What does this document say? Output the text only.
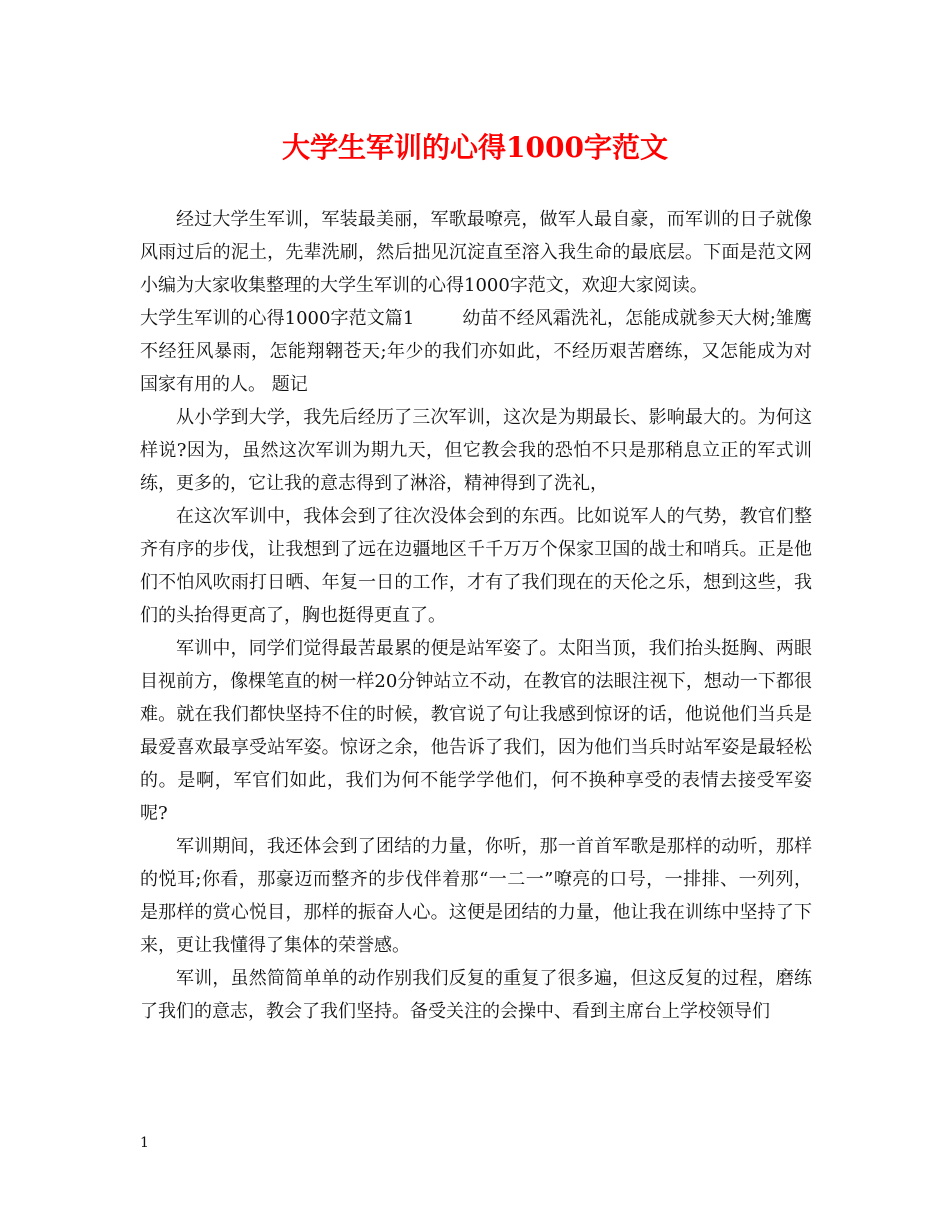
大学生军训的心得1000字范文

经过大学生军训，军装最美丽，军歌最嘹亮，做军人最自豪，而军训的日子就像风雨过后的泥土，先辈洗刷，然后拙见沉淀直至溶入我生命的最底层。下面是范文网小编为大家收集整理的大学生军训的心得1000字范文，欢迎大家阅读。

大学生军训的心得1000字范文篇1	幼苗不经风霜洗礼，怎能成就参天大树;雏鹰不经狂风暴雨，怎能翔翱苍天;年少的我们亦如此，不经历艰苦磨练，又怎能成为对国家有用的人。 题记

从小学到大学，我先后经历了三次军训，这次是为期最长、影响最大的。为何这样说?因为，虽然这次军训为期九天，但它教会我的恐怕不只是那稍息立正的军式训练，更多的，它让我的意志得到了淋浴，精神得到了洗礼，

在这次军训中，我体会到了往次没体会到的东西。比如说军人的气势，教官们整齐有序的步伐，让我想到了远在边疆地区千千万万个保家卫国的战士和哨兵。正是他们不怕风吹雨打日晒、年复一日的工作，才有了我们现在的天伦之乐，想到这些，我们的头抬得更高了，胸也挺得更直了。

军训中，同学们觉得最苦最累的便是站军姿了。太阳当顶，我们抬头挺胸、两眼目视前方，像棵笔直的树一样20分钟站立不动，在教官的法眼注视下，想动一下都很难。就在我们都快坚持不住的时候，教官说了句让我感到惊讶的话，他说他们当兵是最爱喜欢最享受站军姿。惊讶之余，他告诉了我们，因为他们当兵时站军姿是最轻松的。是啊，军官们如此，我们为何不能学学他们，何不换种享受的表情去接受军姿呢?

军训期间，我还体会到了团结的力量，你听，那一首首军歌是那样的动听，那样的悦耳;你看，那豪迈而整齐的步伐伴着那“一二一”嘹亮的口号，一排排、一列列，是那样的赏心悦目，那样的振奋人心。这便是团结的力量，他让我在训练中坚持了下来，更让我懂得了集体的荣誉感。

军训，虽然简简单单的动作别我们反复的重复了很多遍，但这反复的过程，磨练了我们的意志，教会了我们坚持。备受关注的会操中、看到主席台上学校领导们

1
